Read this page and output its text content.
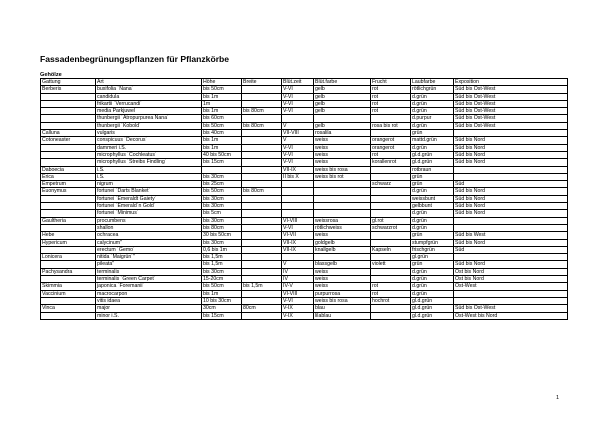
Fassadenbegrünungspflanzen für Pflanzkörbe
Gehölze
Gattung	Art	Höhe	Breite	Blüt.zeit	Blüt.farbe	Frucht	Laubfarbe	Exposition
Berberis	buxifolia ´Nana´	bis 50cm		V-VI	gelb	rot	rötlichgrün	Süd bis Ost-West
	candidula	bis 1m		V-VI	gelb	rot	d.grün	Süd bis Ost-West
	frikartii ´Verrucandi´	1m		V-VI	gelb	rot	d.grün	Süd bis Ost-West
	media Parkjuwel	bis 1m	bis 80cm	V-VI	gelb	rot	d.grün	Süd bis Ost-West
	thunbergii ´Atropurpurea Nana´	bis 60cm					d.purpur	Süd bis Ost-West
	thunbergii ´Kobold´	bis 50cm	bis 80cm	V	gelb	rosa bis rot	d.grün	Süd bis Ost-West
Calluna	vulgaris	bis 40cm		VII-VIII	rosalila		grün	
Cotoneaster	conspicuus ´Decorus´	bis 1m		V	weiss	orangerot	mattd.grün	Süd bis Nord
	dammeri i.S.	bis 1m		V-VI	weiss	orangerot	d.grün	Süd bis Nord
	microphyllus ´Cochleatus´	40 bis 50cm		V-VI	weiss	rot	gl.d.grün	Süd bis Nord
	microphyllus ´Streibs Findling´	bis 15cm		V-VI	weiss	korallenrot	gl.d.grün	Süd bis Nord
Daboecia	i.S.			VII-IX	weiss bis rosa		rotbraun	
Erica	i.S.	bis 30cm		II bis X	weiss bis rot		grün	
Empetrum	nigrum	bis 25cm				schwarz	grün	Süd
Euonymus	fortunei ´Darts Blanket´	bis 50cm	bis 80cm				d.grün	Süd bis Nord
	fortunei ´Emeraldt Gaiety´	bis 30cm					weissbunt	Süd bis Nord
	fortunei ´Emerald´n Gold´	bis 30cm					gelbbunt	Süd bis Nord
	fortunei ´Minimus´	bis 5cm					d.grün	Süd bis Nord
Gaultheria	procumbens	bis 30cm		VI-VIII	weissrosa	gl.rot	d.grün	
	shallon	bis 80cm		V-VI	rötlichweiss	schwarzrot	d.grün	
Hebe	ochracea	30 bis 50cm		VI-VII	weiss		grün	Süd bis West
Hypericum	calycinum"	bis 30cm		VII-IX	goldgelb		stumpfgrün	Süd bis Nord
	erectum ´Gemo´	0,6 bis 1m		VII-IX	knallgelb	Kapseln	frischgrün	Süd
Lonicera	nitida ´Maigrün´"	bis 1,5m					gl.grün	
	pileata"	bis 1,5m		V	blassgelb	violett	grün	Süd bis Nord
Pachysandra	terminalis	bis 30cm		IV	weiss		d.grün	Ost bis Nord
	terminalis ´Green Carpet´	15-20cm		IV	weiss		d.grün	Ost bis Nord
Skimmia	japonica ´Foremanii´	bis 50cm	bis 1,5m	IV-V	weiss	rot	d.grün	Ost-West
Vaccinium	macrocarpon	bis 1m		VI-VIII	purpurrosa	rot	d.grün	
	vitis idaea	10 bis 30cm		V-VI	weiss bis rosa	hochrot	gl.d.grün	
Vinca	major	30cm	80cm	V-IX	blau		gl.d.grün	Süd bis Ost-West
	minor i.S.	bis 15cm		V-IX	lilablau		gl.d.grün	Ost-West bis Nord
1
